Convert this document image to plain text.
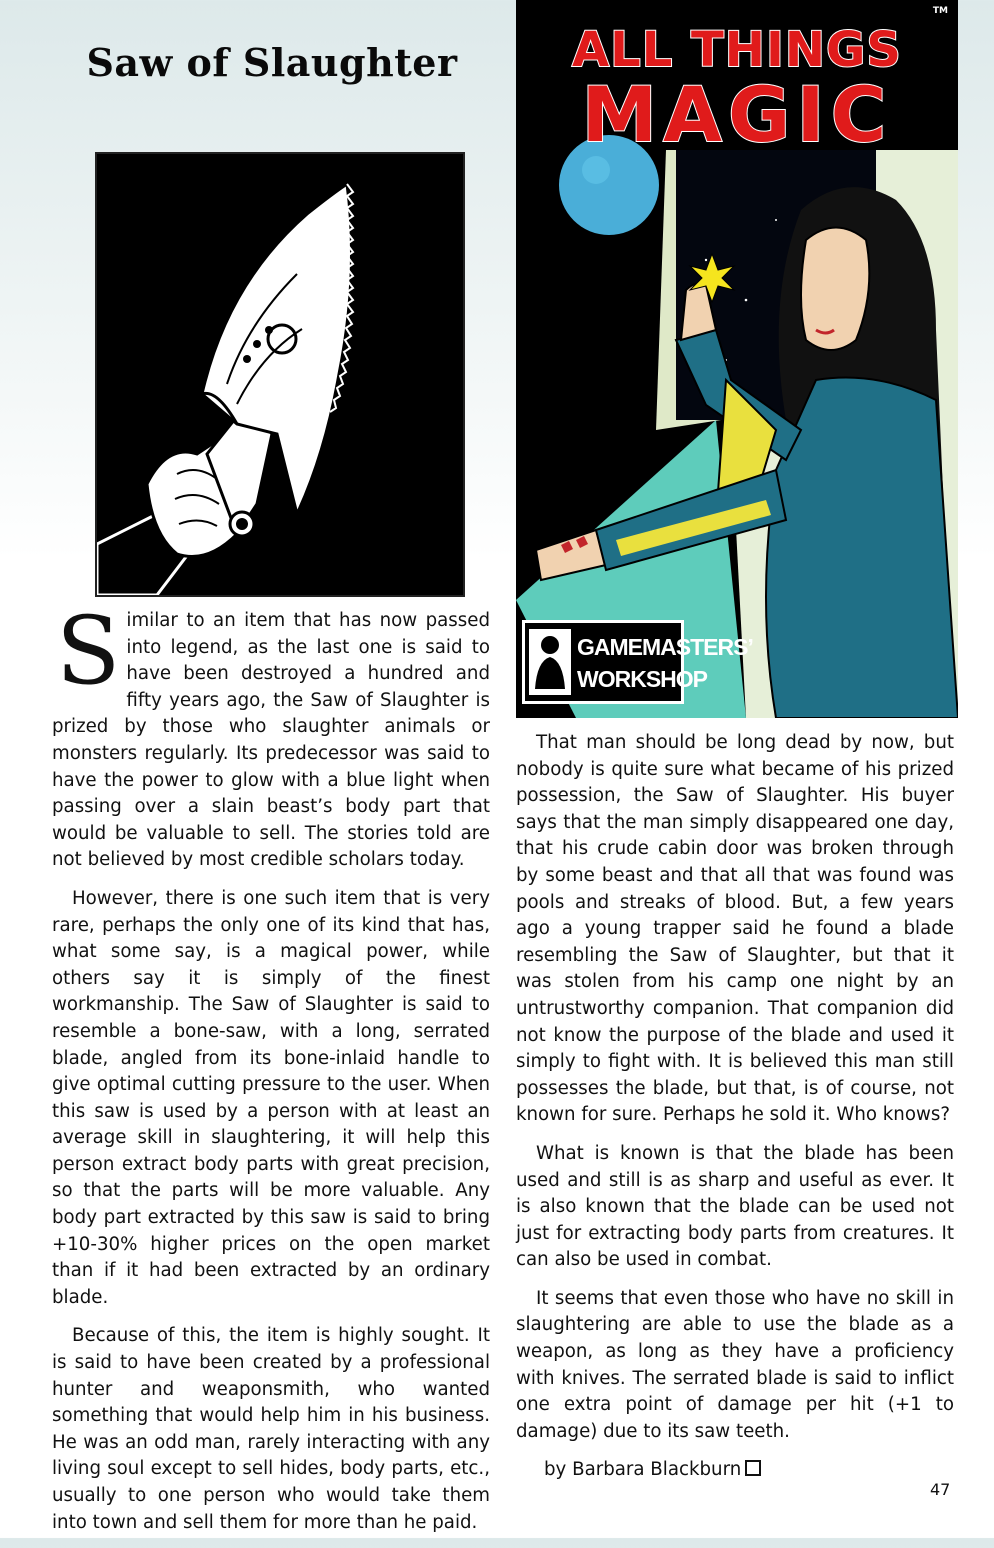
Saw of Slaughter

Similar to an item that has now passed into legend, as the last one is said to have been destroyed a hundred and fifty years ago, the Saw of Slaughter is prized by those who slaughter animals or monsters regularly. Its predecessor was said to have the power to glow with a blue light when passing over a slain beast’s body part that would be valuable to sell. The stories told are not believed by most credible scholars today.

However, there is one such item that is very rare, perhaps the only one of its kind that has, what some say, is a magical power, while others say it is simply of the finest workmanship. The Saw of Slaughter is said to resemble a bone-saw, with a long, serrated blade, angled from its bone-inlaid handle to give optimal cutting pressure to the user. When this saw is used by a person with at least an average skill in slaughtering, it will help this person extract body parts with great precision, so that the parts will be more valuable. Any body part extracted by this saw is said to bring +10-30% higher prices on the open market than if it had been extracted by an ordinary blade.

Because of this, the item is highly sought. It is said to have been created by a professional hunter and weaponsmith, who wanted something that would help him in his business. He was an odd man, rarely interacting with any living soul except to sell hides, body parts, etc., usually to one person who would take them into town and sell them for more than he paid.

TM
ALL THINGS
MAGIC
GAMEMASTERS’
WORKSHOP

That man should be long dead by now, but nobody is quite sure what became of his prized possession, the Saw of Slaughter. His buyer says that the man simply disappeared one day, that his crude cabin door was broken through by some beast and that all that was found was pools and streaks of blood. But, a few years ago a young trapper said he found a blade resembling the Saw of Slaughter, but that it was stolen from his camp one night by an untrustworthy companion. That companion did not know the purpose of the blade and used it simply to fight with. It is believed this man still possesses the blade, but that, is of course, not known for sure. Perhaps he sold it. Who knows?

What is known is that the blade has been used and still is as sharp and useful as ever. It is also known that the blade can be used not just for extracting body parts from creatures. It can also be used in combat.

It seems that even those who have no skill in slaughtering are able to use the blade as a weapon, as long as they have a proficiency with knives. The serrated blade is said to inflict one extra point of damage per hit (+1 to damage) due to its saw teeth.

by Barbara Blackburn
47
